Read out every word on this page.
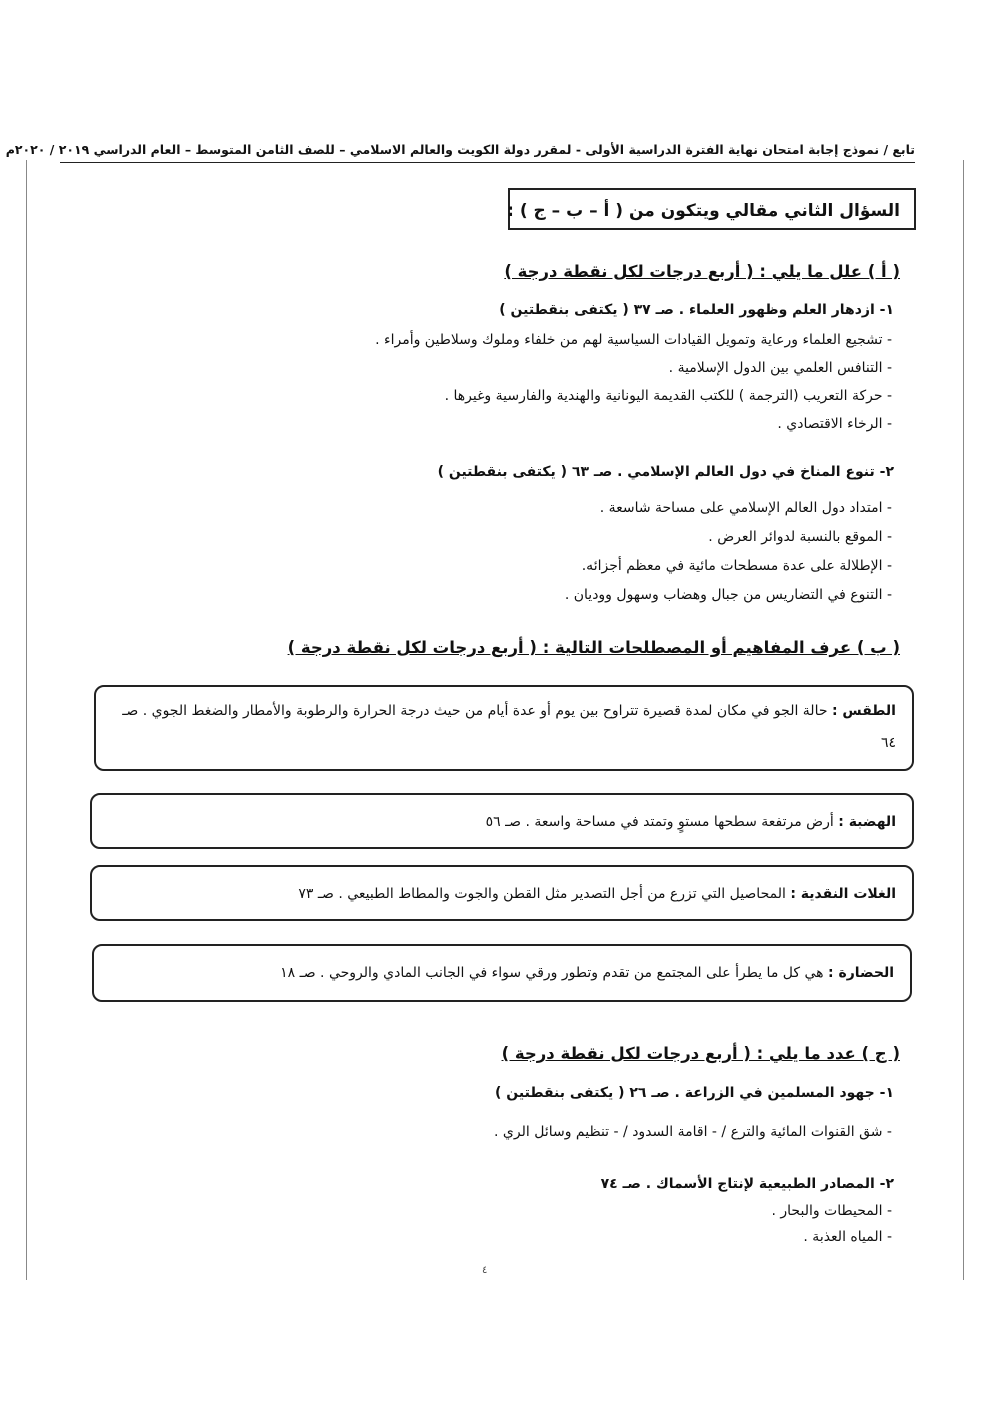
تابع / نموذج إجابة امتحان نهاية الفترة الدراسية الأولى - لمقرر دولة الكويت والعالم الاسلامي – للصف الثامن المتوسط – العام الدراسي ٢٠١٩ / ٢٠٢٠م
السؤال الثاني مقالي ويتكون من ( أ – ب – ج ) :
( أ ) علل ما يلي : ( أربع درجات لكل نقطة درجة )
١- ازدهار العلم وظهور العلماء . صـ ٣٧ ( يكتفى بنقطتين )
- تشجيع العلماء ورعاية وتمويل القيادات السياسية لهم من خلفاء وملوك وسلاطين وأمراء .
- التنافس العلمي بين الدول الإسلامية .
- حركة التعريب (الترجمة ) للكتب القديمة اليونانية والهندية والفارسية وغيرها .
- الرخاء الاقتصادي .
٢- تنوع المناخ في دول العالم الإسلامي . صـ ٦٣ ( يكتفى بنقطتين )
- امتداد دول العالم الإسلامي على مساحة شاسعة .
- الموقع بالنسبة لدوائر العرض .
- الإطلالة على عدة مسطحات مائية في معظم أجزائه.
- التنوع في التضاريس من جبال وهضاب وسهول ووديان .
( ب ) عرف المفاهيم أو المصطلحات التالية : ( أربع درجات لكل نقطة درجة )
الطقس : حالة الجو في مكان لمدة قصيرة تتراوح بين يوم أو عدة أيام من حيث درجة الحرارة والرطوبة والأمطار والضغط الجوي . صـ ٦٤
الهضبة : أرض مرتفعة سطحها مستوٍ وتمتد في مساحة واسعة . صـ ٥٦
الغلات النقدية : المحاصيل التي تزرع من أجل التصدير مثل القطن والجوت والمطاط الطبيعي . صـ ٧٣
الحضارة : هي كل ما يطرأ على المجتمع من تقدم وتطور ورقي سواء في الجانب المادي والروحي . صـ ١٨
( ج ) عدد ما يلي : ( أربع درجات لكل نقطة درجة )
١- جهود المسلمين في الزراعة . صـ ٢٦ ( يكتفى بنقطتين )
- شق القنوات المائية والترع / - اقامة السدود / - تنظيم وسائل الري .
٢- المصادر الطبيعية لإنتاج الأسماك . صـ ٧٤
- المحيطات والبحار .
- المياه العذبة .
٤
